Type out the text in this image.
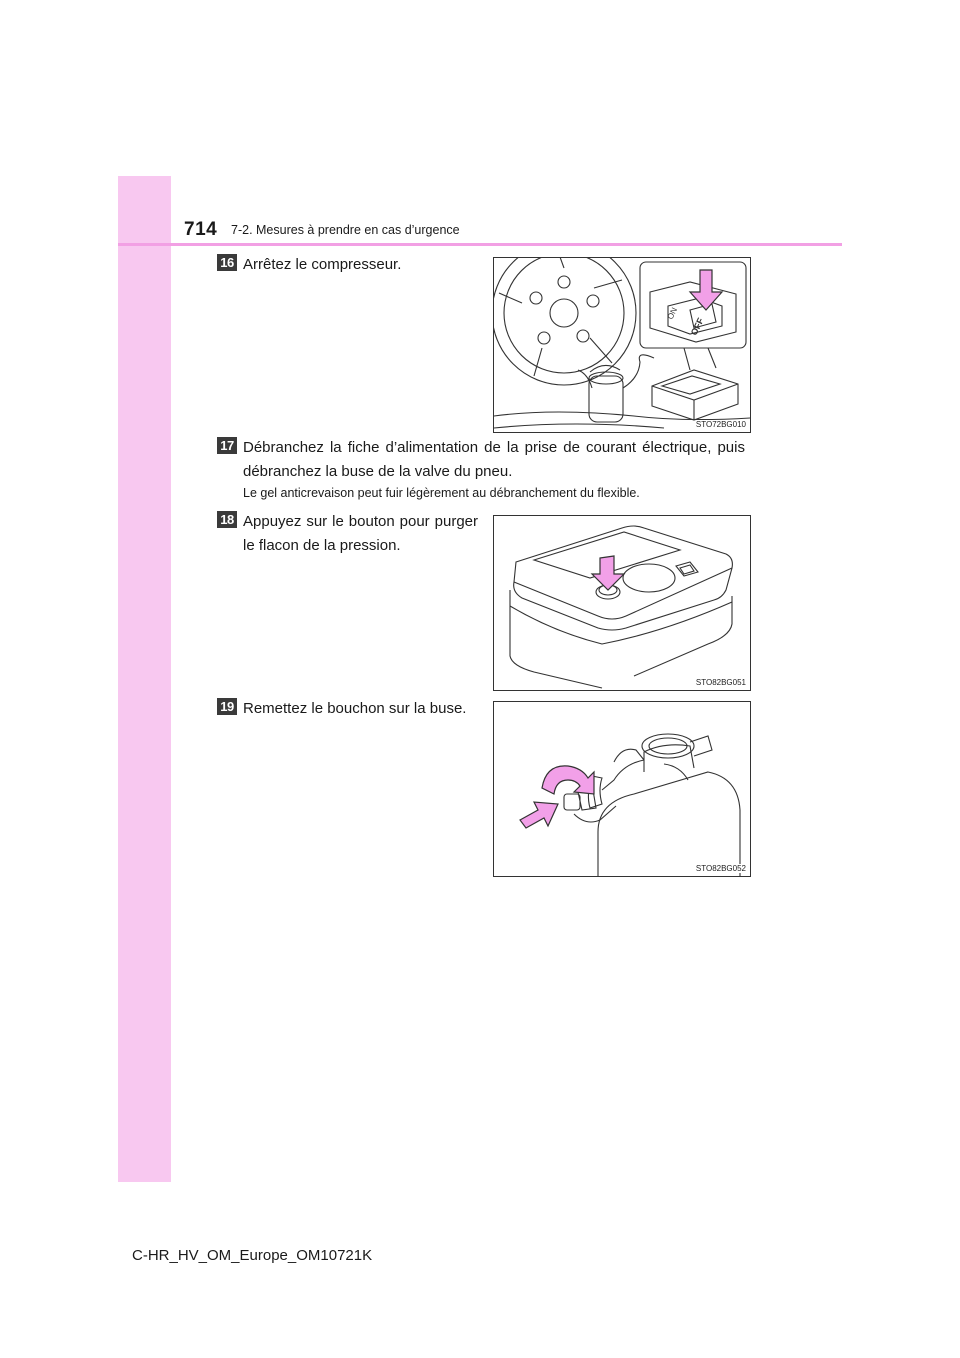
714 7-2. Mesures à prendre en cas d’urgence
16 Arrêtez le compresseur.
ON
OFF
STO72BG010
17 Débranchez la fiche d’alimentation de la prise de courant électrique, puis débranchez la buse de la valve du pneu.
Le gel anticrevaison peut fuir légèrement au débranchement du flexible.
18 Appuyez sur le bouton pour purger le flacon de la pression.
STO82BG051
19 Remettez le bouchon sur la buse.
STO82BG052
C-HR_HV_OM_Europe_OM10721K
